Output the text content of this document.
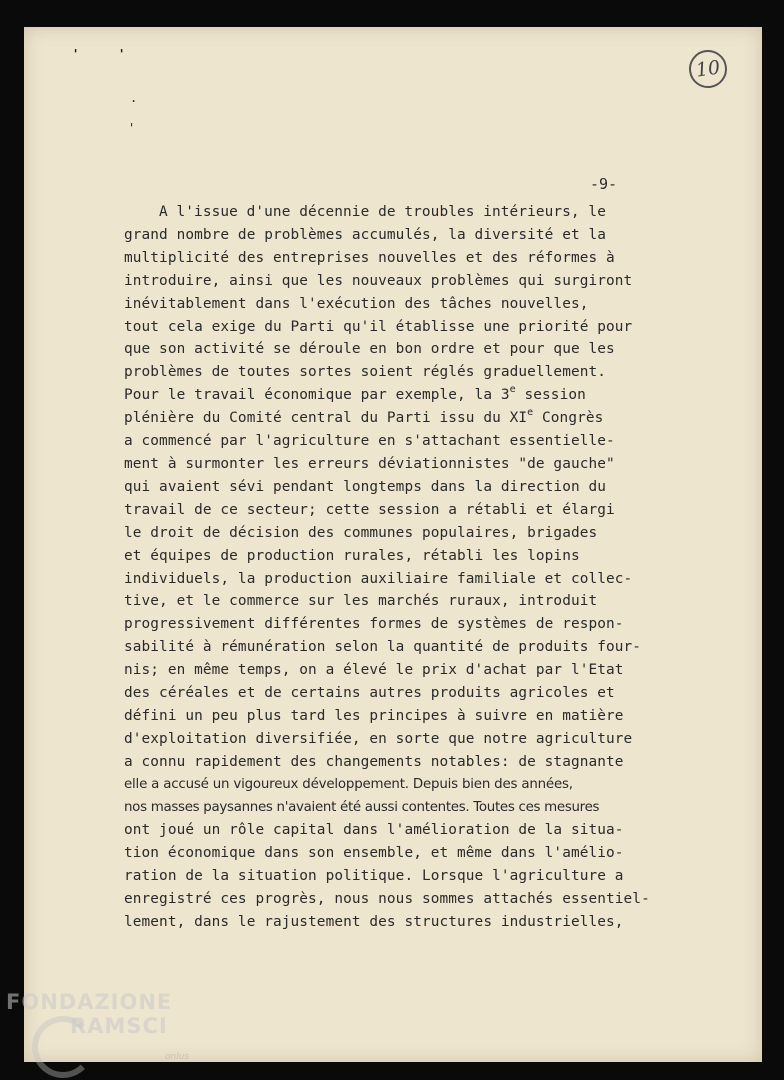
'	'
.
'
10
-9-
A l'issue d'une décennie de troubles intérieurs, le
grand nombre de problèmes accumulés, la diversité et la
multiplicité des entreprises nouvelles et des réformes à
introduire, ainsi que les nouveaux problèmes qui surgiront
inévitablement dans l'exécution des tâches nouvelles,
tout cela exige du Parti qu'il établisse une priorité pour
que son activité se déroule en bon ordre et pour que les
problèmes de toutes sortes soient réglés graduellement.
Pour le travail économique par exemple, la 3e session
plénière du Comité central du Parti issu du XIe Congrès
a commencé par l'agriculture en s'attachant essentielle-
ment à surmonter les erreurs déviationnistes "de gauche"
qui avaient sévi pendant longtemps dans la direction du
travail de ce secteur; cette session a rétabli et élargi
le droit de décision des communes populaires, brigades
et équipes de production rurales, rétabli les lopins
individuels, la production auxiliaire familiale et collec-
tive, et le commerce sur les marchés ruraux, introduit
progressivement différentes formes de systèmes de respon-
sabilité à rémunération selon la quantité de produits four-
nis; en même temps, on a élevé le prix d'achat par l'Etat
des céréales et de certains autres produits agricoles et
défini un peu plus tard les principes à suivre en matière
d'exploitation diversifiée, en sorte que notre agriculture
a connu rapidement des changements notables: de stagnante
elle a accusé un vigoureux développement. Depuis bien des années,
nos masses paysannes n'avaient été aussi contentes. Toutes ces mesures
ont joué un rôle capital dans l'amélioration de la situa-
tion économique dans son ensemble, et même dans l'amélio-
ration de la situation politique. Lorsque l'agriculture a
enregistré ces progrès, nous nous sommes attachés essentiel-
lement, dans le rajustement des structures industrielles,
FONDAZIONE
RAMSCI
onlus
